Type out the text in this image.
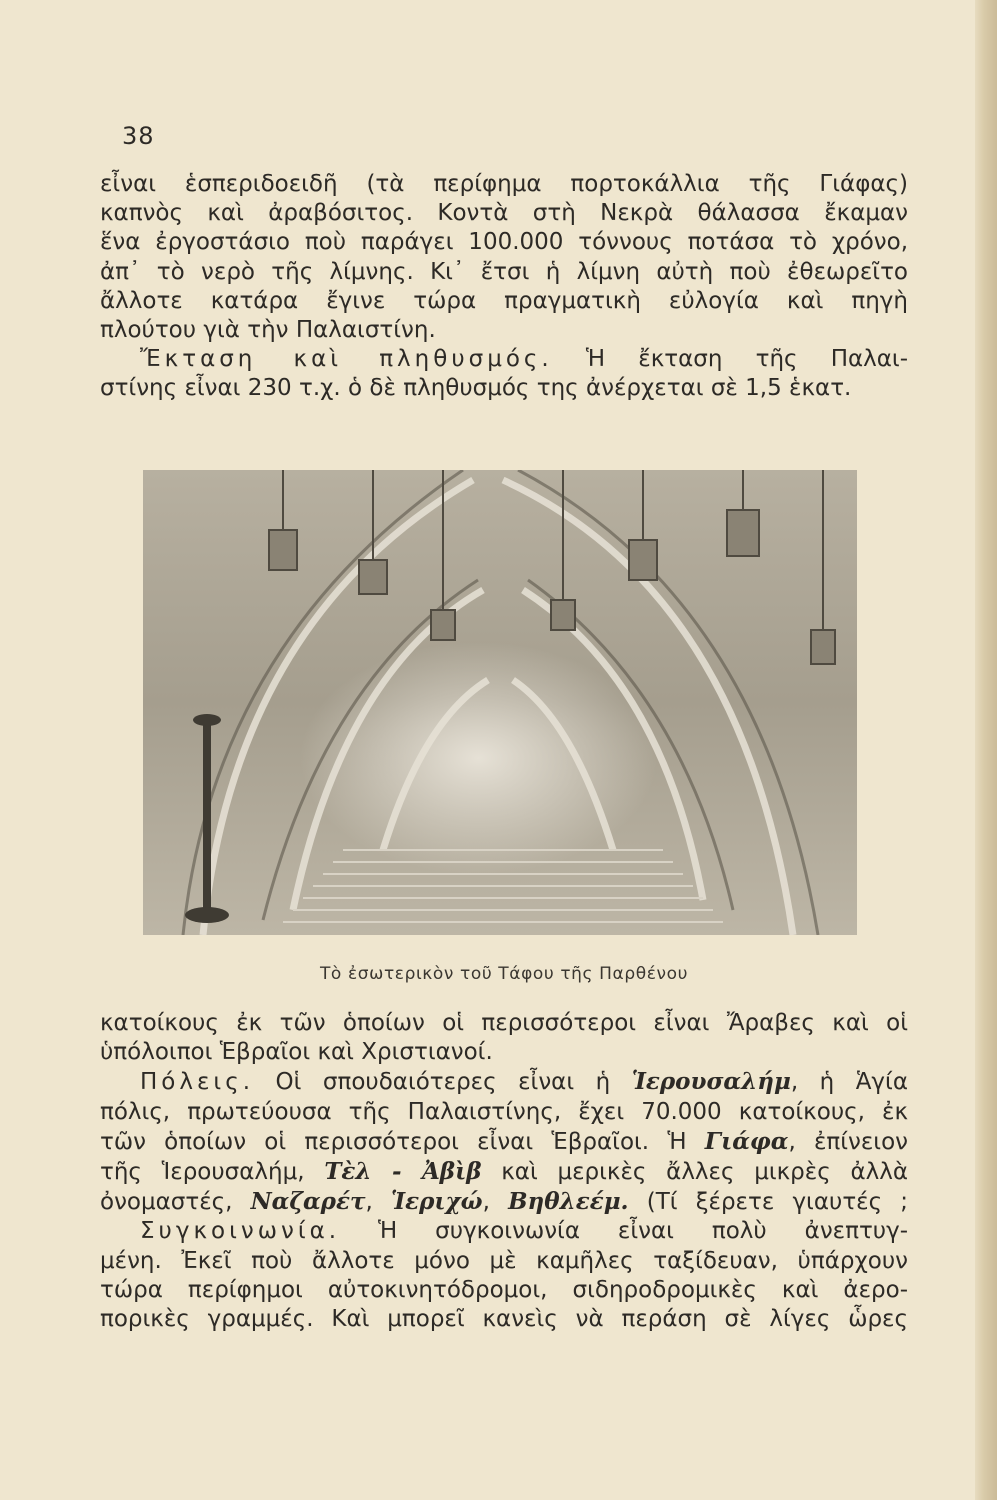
38
εἶναι ἑσπεριδοειδῆ (τὰ περίφημα πορτοκάλλια τῆς Γιάφας)
καπνὸς καὶ ἀραβόσιτος. Κοντὰ στὴ Νεκρὰ θάλασσα ἔκαμαν
ἕνα ἐργοστάσιο ποὺ παράγει 100.000 τόννους ποτάσα τὸ χρόνο,
ἀπ᾽ τὸ νερὸ τῆς λίμνης. Κι᾽ ἔτσι ἡ λίμνη αὐτὴ ποὺ ἐθεωρεῖτο
ἄλλοτε κατάρα ἔγινε τώρα πραγματικὴ εὐλογία καὶ πηγὴ
πλούτου γιὰ τὴν Παλαιστίνη.
Ἔκταση καὶ πληθυσμός. Ἡ ἔκταση τῆς Παλαι-
στίνης εἶναι 230 τ.χ. ὁ δὲ πληθυσμός της ἀνέρχεται σὲ 1,5 ἑκατ.
Τὸ ἐσωτερικὸν τοῦ Τάφου τῆς Παρθένου
κατοίκους ἐκ τῶν ὁποίων οἱ περισσότεροι εἶναι Ἄραβες καὶ οἱ
ὑπόλοιποι Ἑβραῖοι καὶ Χριστιανοί.
Πόλεις. Οἱ σπουδαιότερες εἶναι ἡ Ἱερουσαλήμ, ἡ Ἁγία
πόλις, πρωτεύουσα τῆς Παλαιστίνης, ἔχει 70.000 κατοίκους, ἐκ
τῶν ὁποίων οἱ περισσότεροι εἶναι Ἑβραῖοι. Ἡ Γιάφα, ἐπίνειον
τῆς Ἱερουσαλήμ, Τὲλ - Ἀβὶβ καὶ μερικὲς ἄλλες μικρὲς ἀλλὰ
ὀνομαστές, Ναζαρέτ, Ἱεριχώ, Βηθλεέμ. (Τί ξέρετε γιαυτές ;
Συγκοινωνία. Ἡ συγκοινωνία εἶναι πολὺ ἀνεπτυγ-
μένη. Ἐκεῖ ποὺ ἄλλοτε μόνο μὲ καμῆλες ταξίδευαν, ὑπάρχουν
τώρα περίφημοι αὐτοκινητόδρομοι, σιδηροδρομικὲς καὶ ἀερο-
πορικὲς γραμμές. Καὶ μπορεῖ κανεὶς νὰ περάση σὲ λίγες ὧρες
